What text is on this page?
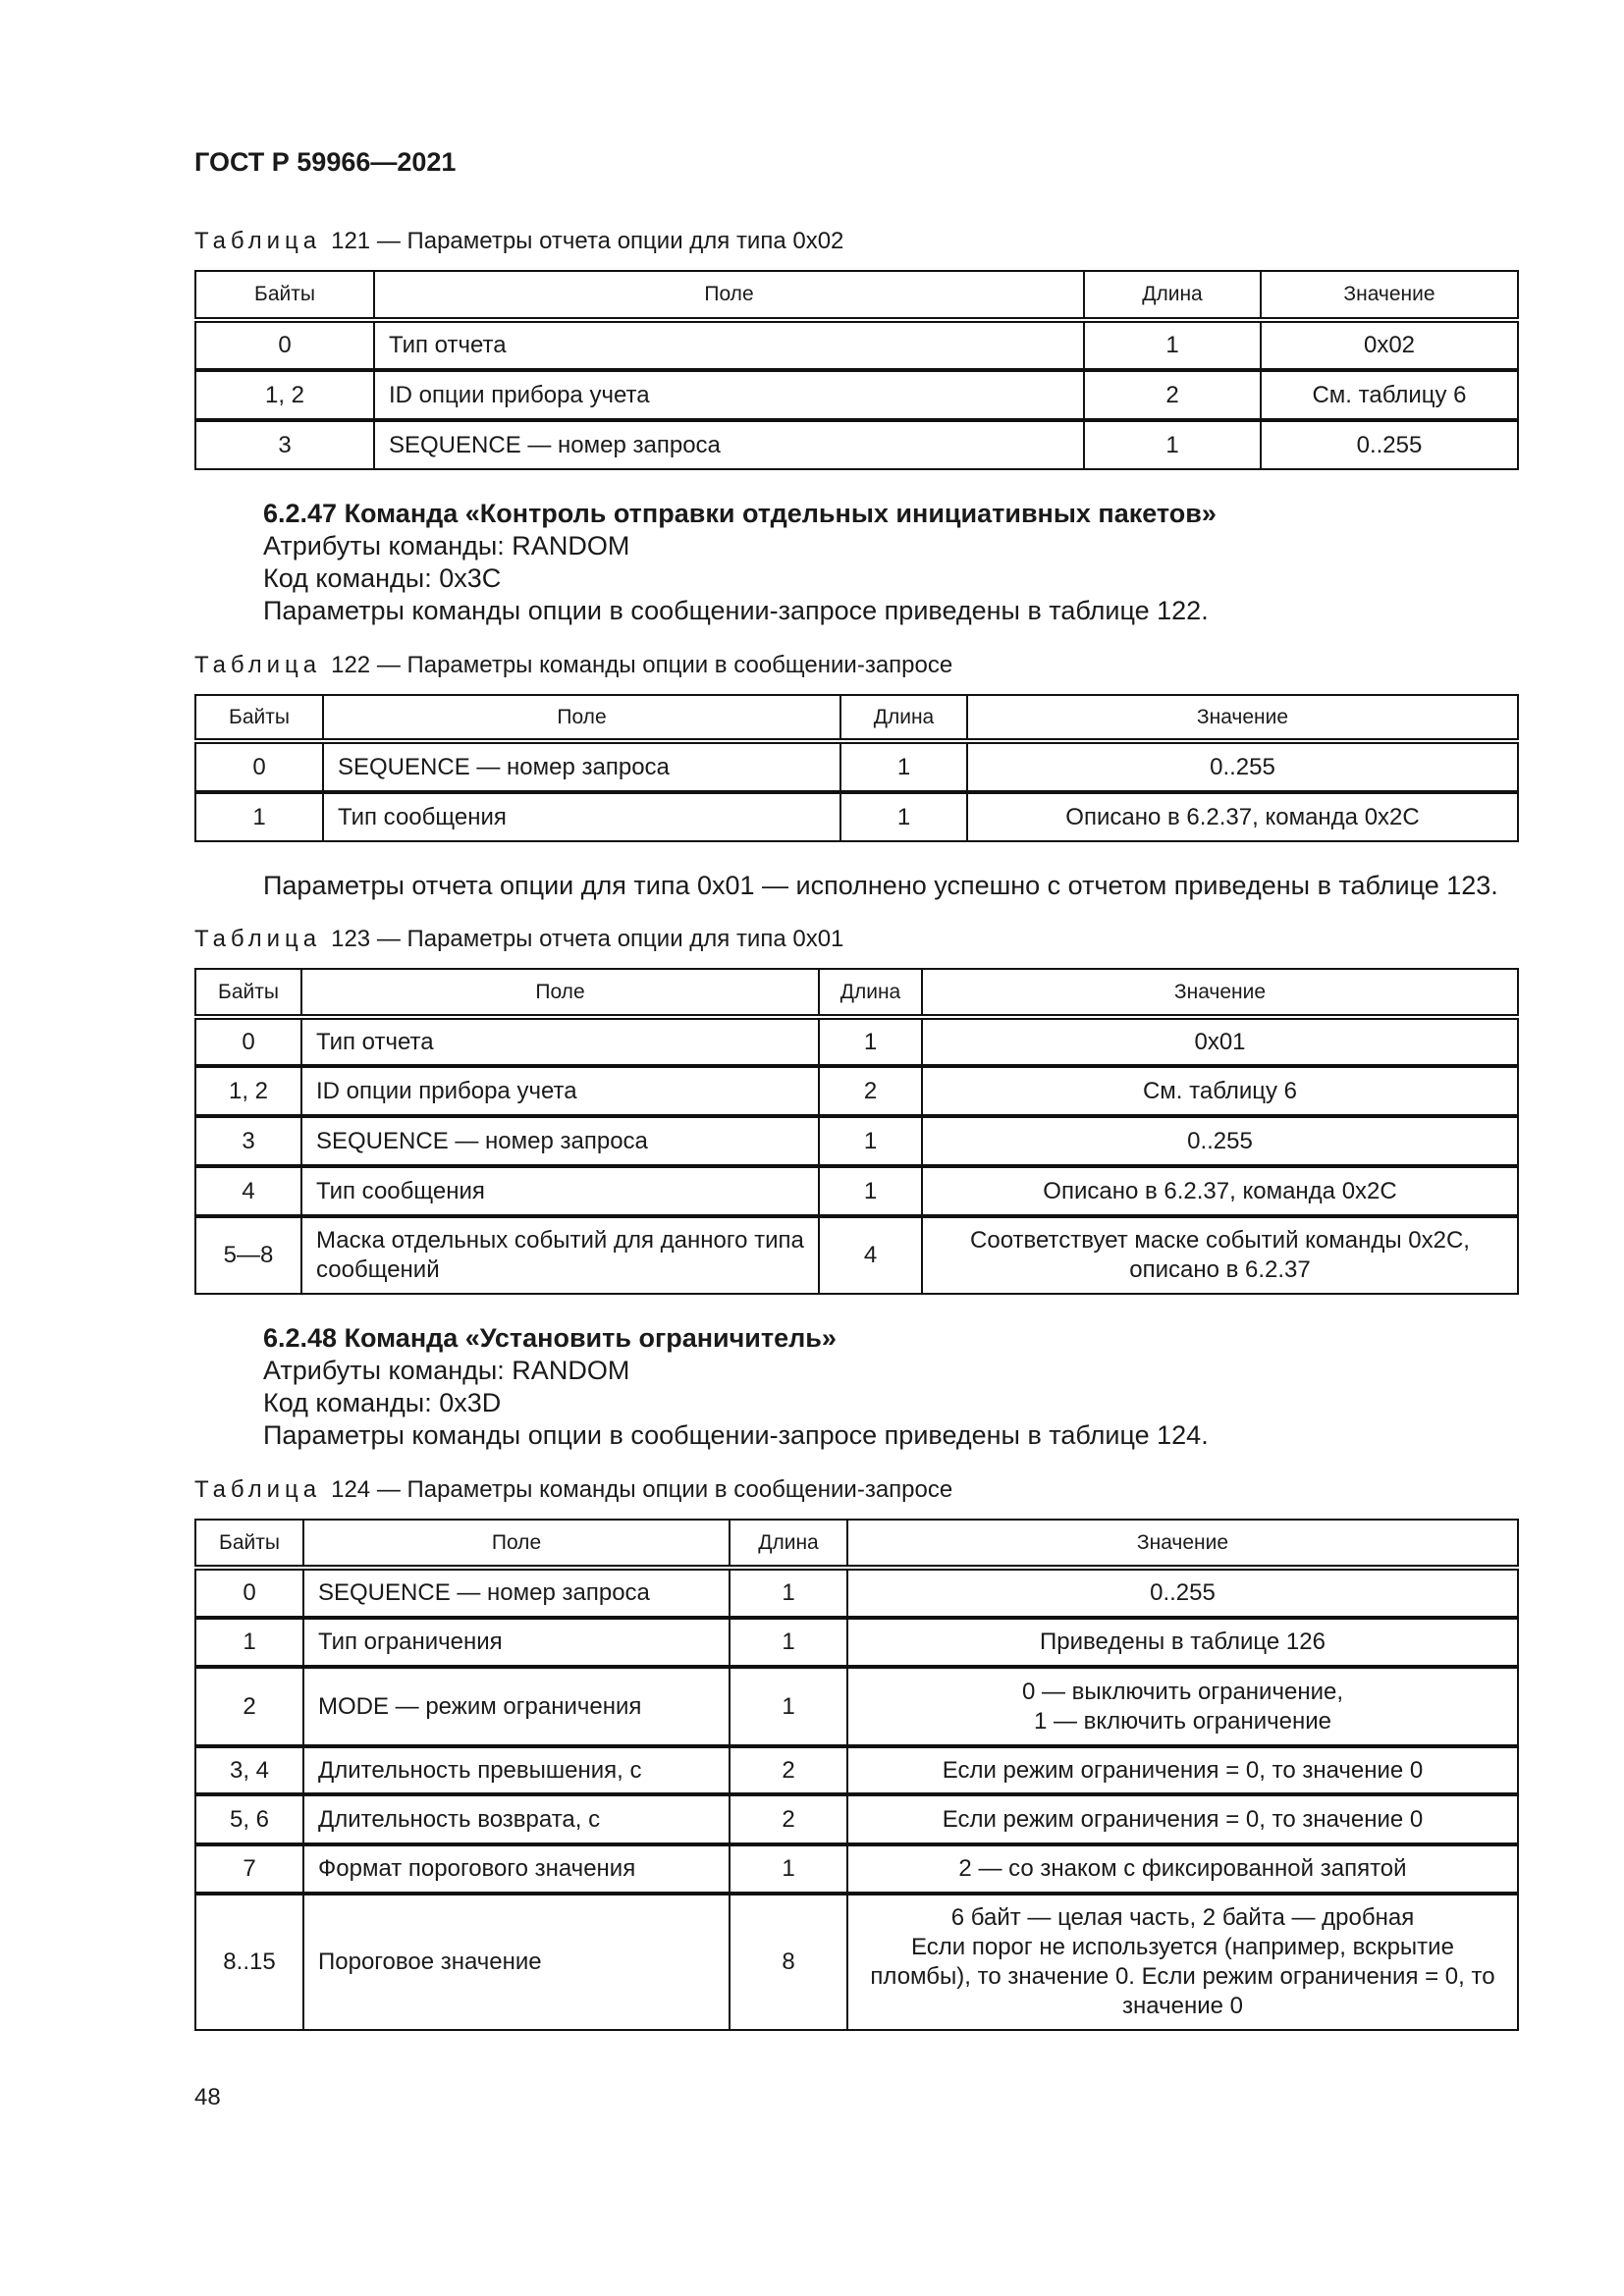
ГОСТ Р 59966—2021
Таблица 121 — Параметры отчета опции для типа 0x02
Байты	Поле	Длина	Значение
0	Тип отчета	1	0x02
1, 2	ID опции прибора учета	2	См. таблицу 6
3	SEQUENCE — номер запроса	1	0..255
6.2.47 Команда «Контроль отправки отдельных инициативных пакетов»
Атрибуты команды: RANDOM
Код команды: 0x3C
Параметры команды опции в сообщении-запросе приведены в таблице 122.
Таблица 122 — Параметры команды опции в сообщении-запросе
Байты	Поле	Длина	Значение
0	SEQUENCE — номер запроса	1	0..255
1	Тип сообщения	1	Описано в 6.2.37, команда 0x2C
Параметры отчета опции для типа 0x01 — исполнено успешно с отчетом приведены в таблице 123.
Таблица 123 — Параметры отчета опции для типа 0x01
Байты	Поле	Длина	Значение
0	Тип отчета	1	0x01
1, 2	ID опции прибора учета	2	См. таблицу 6
3	SEQUENCE — номер запроса	1	0..255
4	Тип сообщения	1	Описано в 6.2.37, команда 0x2C
5—8	Маска отдельных событий для данного типа сообщений	4	Соответствует маске событий команды 0x2C, описано в 6.2.37
6.2.48 Команда «Установить ограничитель»
Атрибуты команды: RANDOM
Код команды: 0x3D
Параметры команды опции в сообщении-запросе приведены в таблице 124.
Таблица 124 — Параметры команды опции в сообщении-запросе
Байты	Поле	Длина	Значение
0	SEQUENCE — номер запроса	1	0..255
1	Тип ограничения	1	Приведены в таблице 126
2	MODE — режим ограничения	1	0 — выключить ограничение,
1 — включить ограничение
3, 4	Длительность превышения, с	2	Если режим ограничения = 0, то значение 0
5, 6	Длительность возврата, с	2	Если режим ограничения = 0, то значение 0
7	Формат порогового значения	1	2 — со знаком с фиксированной запятой
8..15	Пороговое значение	8	6 байт — целая часть, 2 байта — дробная
Если порог не используется (например, вскрытие пломбы), то значение 0. Если режим ограничения = 0, то значение 0
48
